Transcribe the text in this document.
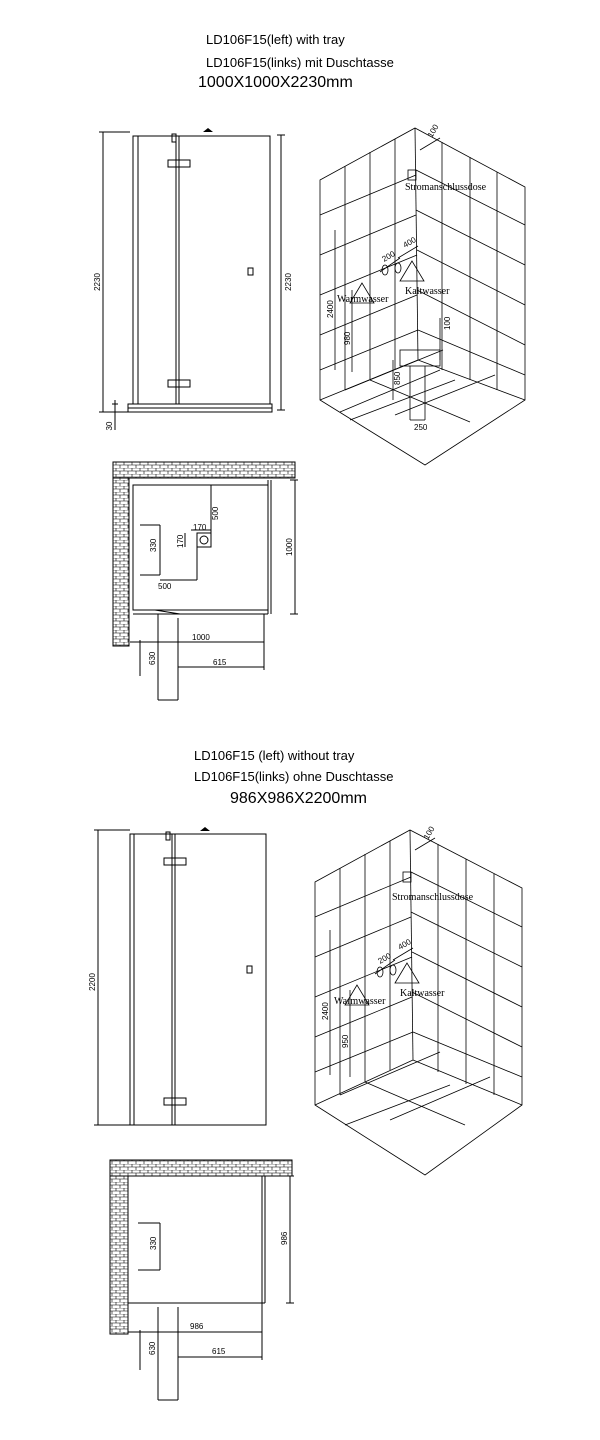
LD106F15(left) with tray
LD106F15(links) mit Duschtasse
1000X1000X2230mm
2230	2230
30
100
Stromanschlussdose
200
400
Warmwasser
Kaltwasser
2400
980
100
850
250
330
170
170
500
500
1000
1000
630	615
LD106F15 (left) without tray
LD106F15(links) ohne Duschtasse
986X986X2200mm
2200
100
Stromanschlussdose
200
400
Warmwasser
Kaltwasser
2400
950
330	986
986
630	615
